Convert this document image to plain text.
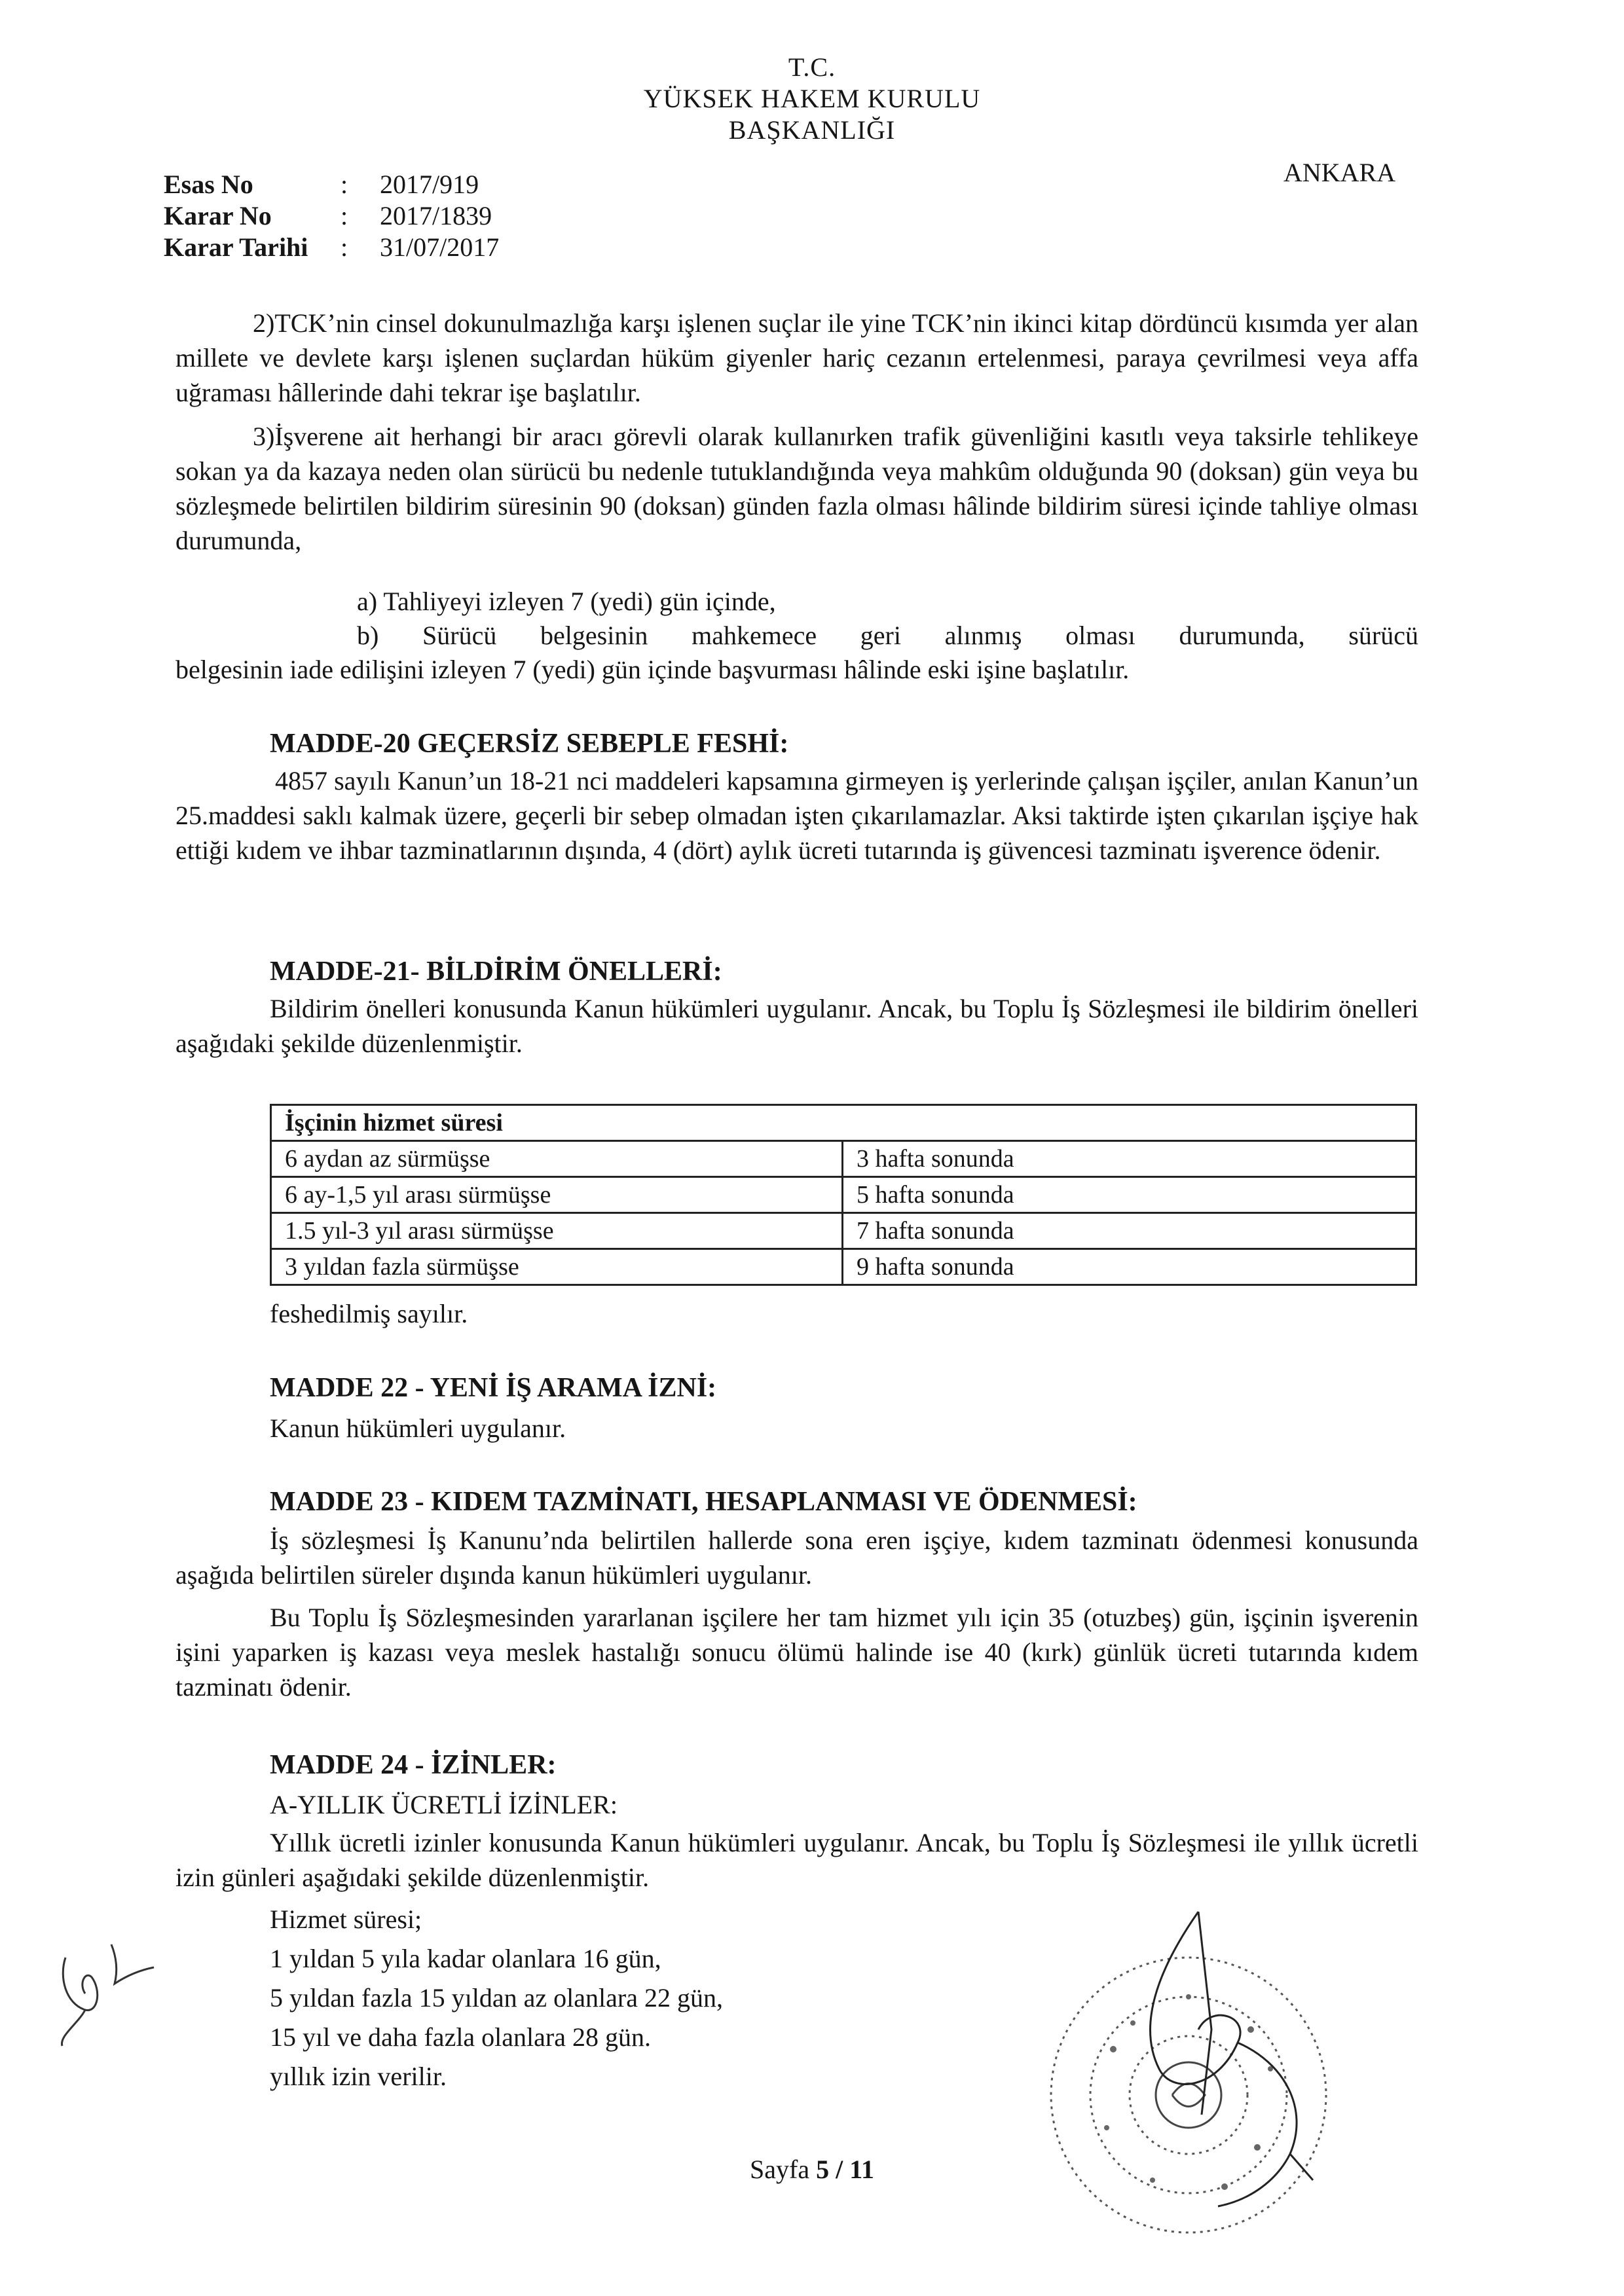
T.C.
YÜKSEK HAKEM KURULU
BAŞKANLIĞI
ANKARA
Esas No	: 2017/919
Karar No	: 2017/1839
Karar Tarihi : 31/07/2017
2)TCK’nin cinsel dokunulmazlığa karşı işlenen suçlar ile yine TCK’nin ikinci kitap dördüncü kısımda yer alan millete ve devlete karşı işlenen suçlardan hüküm giyenler hariç cezanın ertelenmesi, paraya çevrilmesi veya affa uğraması hâllerinde dahi tekrar işe başlatılır.
3)İşverene ait herhangi bir aracı görevli olarak kullanırken trafik güvenliğini kasıtlı veya taksirle tehlikeye sokan ya da kazaya neden olan sürücü bu nedenle tutuklandığında veya mahkûm olduğunda 90 (doksan) gün veya bu sözleşmede belirtilen bildirim süresinin 90 (doksan) günden fazla olması hâlinde bildirim süresi içinde tahliye olması durumunda,
a) Tahliyeyi izleyen 7 (yedi) gün içinde,
b) Sürücü belgesinin mahkemece geri alınmış olması durumunda, sürücü
belgesinin iade edilişini izleyen 7 (yedi) gün içinde başvurması hâlinde eski işine başlatılır.
MADDE-20 GEÇERSİZ SEBEPLE FESHİ:
4857 sayılı Kanun’un 18-21 nci maddeleri kapsamına girmeyen iş yerlerinde çalışan işçiler, anılan Kanun’un 25.maddesi saklı kalmak üzere, geçerli bir sebep olmadan işten çıkarılamazlar. Aksi taktirde işten çıkarılan işçiye hak ettiği kıdem ve ihbar tazminatlarının dışında, 4 (dört) aylık ücreti tutarında iş güvencesi tazminatı işverence ödenir.
MADDE-21- BİLDİRİM ÖNELLERİ:
Bildirim önelleri konusunda Kanun hükümleri uygulanır. Ancak, bu Toplu İş Sözleşmesi ile bildirim önelleri aşağıdaki şekilde düzenlenmiştir.
İşçinin hizmet süresi	
6 aydan az sürmüşse	3 hafta sonunda
6 ay-1,5 yıl arası sürmüşse	5 hafta sonunda
1.5 yıl-3 yıl arası sürmüşse	7 hafta sonunda
3 yıldan fazla sürmüşse	9 hafta sonunda
feshedilmiş sayılır.
MADDE 22 - YENİ İŞ ARAMA İZNİ:
Kanun hükümleri uygulanır.
MADDE 23 - KIDEM TAZMİNATI, HESAPLANMASI VE ÖDENMESİ:
İş sözleşmesi İş Kanunu’nda belirtilen hallerde sona eren işçiye, kıdem tazminatı ödenmesi konusunda aşağıda belirtilen süreler dışında kanun hükümleri uygulanır.
Bu Toplu İş Sözleşmesinden yararlanan işçilere her tam hizmet yılı için 35 (otuzbeş) gün, işçinin işverenin işini yaparken iş kazası veya meslek hastalığı sonucu ölümü halinde ise 40 (kırk) günlük ücreti tutarında kıdem tazminatı ödenir.
MADDE 24 - İZİNLER:
A-YILLIK ÜCRETLİ İZİNLER:
Yıllık ücretli izinler konusunda Kanun hükümleri uygulanır. Ancak, bu Toplu İş Sözleşmesi ile yıllık ücretli izin günleri aşağıdaki şekilde düzenlenmiştir.
Hizmet süresi;
1 yıldan 5 yıla kadar olanlara 16 gün,
5 yıldan fazla 15 yıldan az olanlara 22 gün,
15 yıl ve daha fazla olanlara 28 gün.
yıllık izin verilir.
Sayfa 5 / 11
